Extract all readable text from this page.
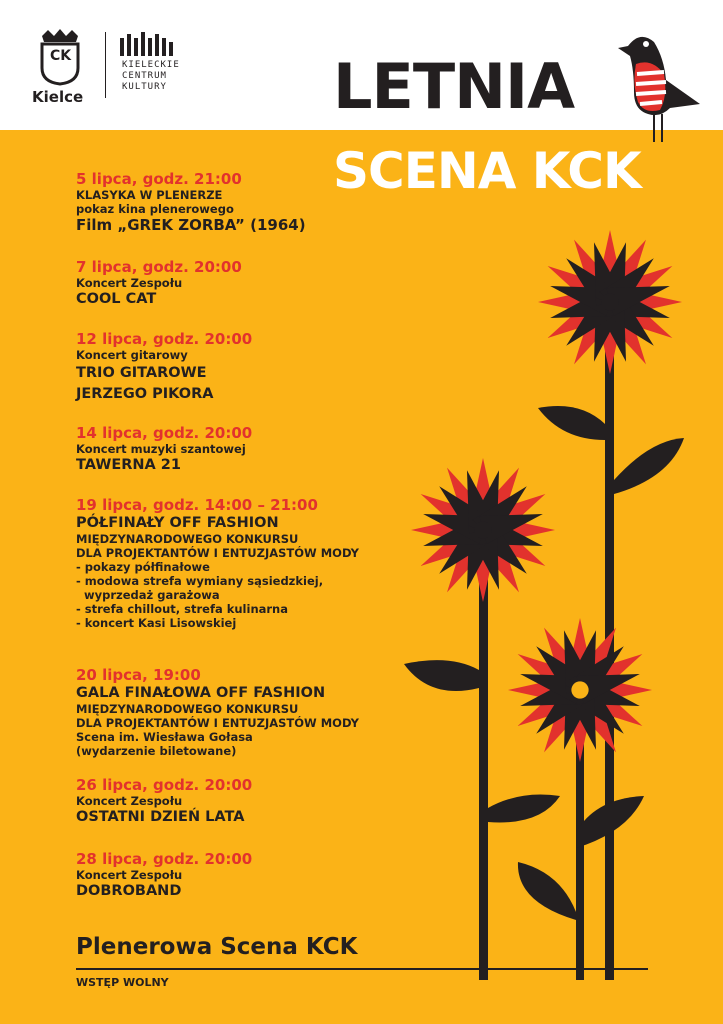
CK
Kielce
KIELECKIE
CENTRUM
KULTURY	LETNIA
SCENA KCK
5 lipca, godz. 21:00
KLASYKA W PLENERZE
pokaz kina plenerowego
Film „GREK ZORBA” (1964)
7 lipca, godz. 20:00
Koncert Zespołu
COOL CAT
12 lipca, godz. 20:00
Koncert gitarowy
TRIO GITAROWE
JERZEGO PIKORA
14 lipca, godz. 20:00
Koncert muzyki szantowej
TAWERNA 21
19 lipca, godz. 14:00 – 21:00
PÓŁFINAŁY OFF FASHION
MIĘDZYNARODOWEGO KONKURSU
DLA PROJEKTANTÓW I ENTUZJASTÓW MODY
- pokazy półfinałowe
- modowa strefa wymiany sąsiedzkiej,
wyprzedaż garażowa
- strefa chillout, strefa kulinarna
- koncert Kasi Lisowskiej
20 lipca, 19:00
GALA FINAŁOWA OFF FASHION
MIĘDZYNARODOWEGO KONKURSU
DLA PROJEKTANTÓW I ENTUZJASTÓW MODY
Scena im. Wiesława Gołasa
(wydarzenie biletowane)
26 lipca, godz. 20:00
Koncert Zespołu
OSTATNI DZIEŃ LATA
28 lipca, godz. 20:00
Koncert Zespołu
DOBROBAND
Plenerowa Scena KCK
WSTĘP WOLNY
